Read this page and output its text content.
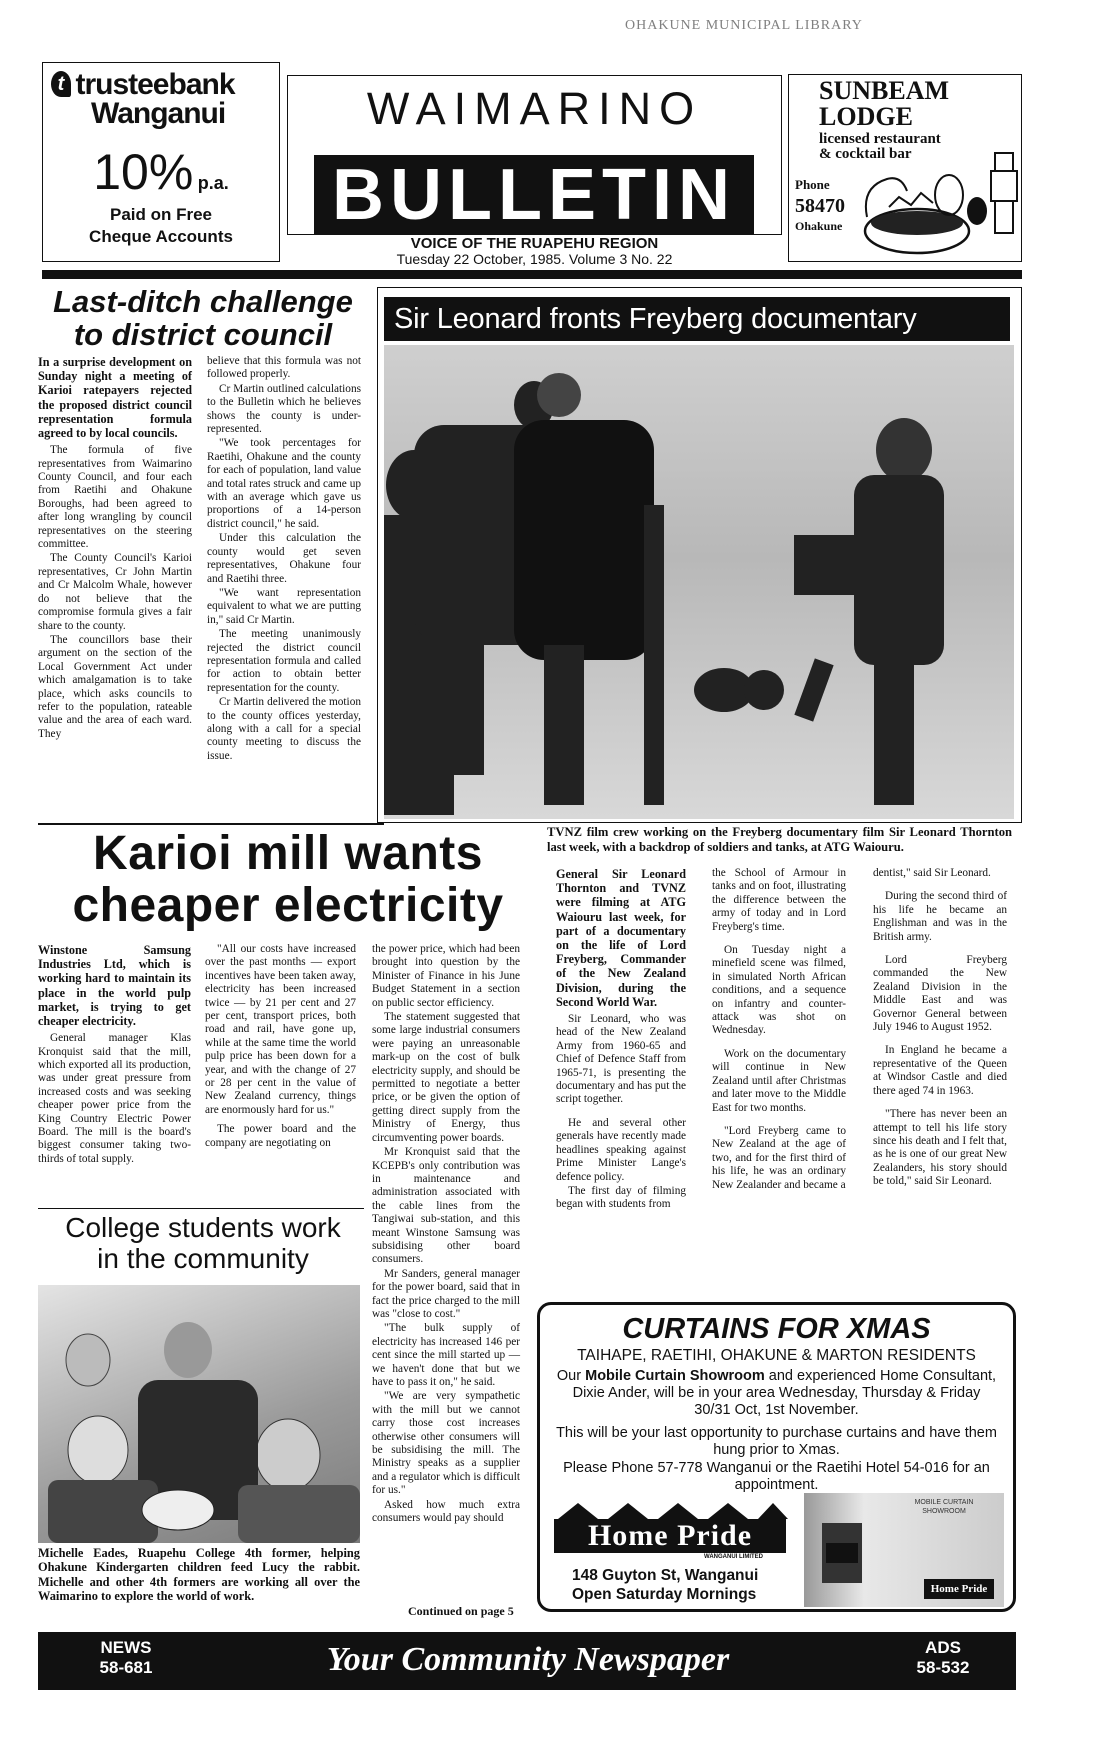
OHAKUNE MUNICIPAL LIBRARY
t trusteebank
Wanganui
10% p.a.
Paid on Free
Cheque Accounts
WAIMARINO
BULLETIN
VOICE OF THE RUAPEHU REGION
Tuesday 22 October, 1985. Volume 3 No. 22
SUNBEAM
LODGE
licensed restaurant
& cocktail bar
Phone
58470
Ohakune
Last-ditch challenge
to district council
In a surprise development on Sunday night a meeting of Karioi ratepayers rejected the proposed district council representation formula agreed to by local councils.

The formula of five representatives from Waimarino County Council, and four each from Raetihi and Ohakune Boroughs, had been agreed to after long wrangling by council representatives on the steering committee.

The County Council's Karioi representatives, Cr John Martin and Cr Malcolm Whale, however do not believe that the compromise formula gives a fair share to the county.

The councillors base their argument on the section of the Local Government Act under which amalgamation is to take place, which asks councils to refer to the population, rateable value and the area of each ward. They

believe that this formula was not followed properly.

Cr Martin outlined calculations to the Bulletin which he believes shows the county is under-represented.

"We took percentages for Raetihi, Ohakune and the county for each of population, land value and total rates struck and came up with an average which gave us proportions of a 14-person district council," he said.

Under this calculation the county would get seven representatives, Ohakune four and Raetihi three.

"We want representation equivalent to what we are putting in," said Cr Martin.

The meeting unanimously rejected the district council representation formula and called for action to obtain better representation for the county.

Cr Martin delivered the motion to the county offices yesterday, along with a call for a special county meeting to discuss the issue.

Sir Leonard fronts Freyberg documentary
TVNZ film crew working on the Freyberg documentary film Sir Leonard Thornton last week, with a backdrop of soldiers and tanks, at ATG Waiouru.
General Sir Leonard Thornton and TVNZ were filming at ATG Waiouru last week, for part of a documentary on the life of Lord Freyberg, Commander of the New Zealand Division, during the Second World War.

Sir Leonard, who was head of the New Zealand Army from 1960-65 and Chief of Defence Staff from 1965-71, is presenting the documentary and has put the script together.

He and several other generals have recently made headlines speaking against Prime Minister Lange's defence policy.

The first day of filming began with students from

the School of Armour in tanks and on foot, illustrating the difference between the army of today and in Lord Freyberg's time.

On Tuesday night a minefield scene was filmed, in simulated North African conditions, and a sequence on infantry and counter-attack was shot on Wednesday.

Work on the documentary will continue in New Zealand until after Christmas and later move to the Middle East for two months.

"Lord Freyberg came to New Zealand at the age of two, and for the first third of his life, he was an ordinary New Zealander and became a

dentist," said Sir Leonard.

During the second third of his life he became an Englishman and was in the British army.

Lord Freyberg commanded the New Zealand Division in the Middle East and was Governor General between July 1946 to August 1952.

In England he became a representative of the Queen at Windsor Castle and died there aged 74 in 1963.

"There has never been an attempt to tell his life story since his death and I felt that, as he is one of our great New Zealanders, his story should be told," said Sir Leonard.

Karioi mill wants
cheaper electricity
Winstone Samsung Industries Ltd, which is working hard to maintain its place in the world pulp market, is trying to get cheaper electricity.

General manager Klas Kronquist said that the mill, which exported all its production, was under great pressure from increased costs and was seeking cheaper power price from the King Country Electric Power Board. The mill is the board's biggest consumer taking two-thirds of total supply.

"All our costs have increased over the past months — export incentives have been taken away, electricity has been increased twice — by 21 per cent and 27 per cent, transport prices, both road and rail, have gone up, while at the same time the world pulp price has been down for a year, and with the change of 27 or 28 per cent in the value of New Zealand currency, things are enormously hard for us."

The power board and the company are negotiating on

the power price, which had been brought into question by the Minister of Finance in his June Budget Statement in a section on public sector efficiency.

The statement suggested that some large industrial consumers were paying an unreasonable mark-up on the cost of bulk electricity supply, and should be permitted to negotiate a better price, or be given the option of getting direct supply from the Ministry of Energy, thus circumventing power boards.

Mr Kronquist said that the KCEPB's only contribution was in maintenance and administration associated with the cable lines from the Tangiwai sub-station, and this meant Winstone Samsung was subsidising other board consumers.

Mr Sanders, general manager for the power board, said that in fact the price charged to the mill was "close to cost."

"The bulk supply of electricity has increased 146 per cent since the mill started up — we haven't done that but we have to pass it on," he said.

"We are very sympathetic with the mill but we cannot carry those cost increases otherwise other consumers will be subsidising the mill. The Ministry speaks as a supplier and a regulator which is difficult for us."

Asked how much extra consumers would pay should

Continued on page 5
College students work
in the community
Michelle Eades, Ruapehu College 4th former, helping Ohakune Kindergarten children feed Lucy the rabbit. Michelle and other 4th formers are working all over the Waimarino to explore the world of work.
CURTAINS FOR XMAS
TAIHAPE, RAETIHI, OHAKUNE & MARTON RESIDENTS
Our Mobile Curtain Showroom and experienced Home Consultant, Dixie Ander, will be in your area Wednesday, Thursday & Friday 30/31 Oct, 1st November.
This will be your last opportunity to purchase curtains and have them hung prior to Xmas.
Please Phone 57-778 Wanganui or the Raetihi Hotel 54-016 for an appointment.
Home Pride
WANGANUI LIMITED
148 Guyton St, Wanganui
Open Saturday Mornings
MOBILE CURTAIN
SHOWROOM
Home Pride
NEWS
58-681	Your Community Newspaper	ADS
58-532
